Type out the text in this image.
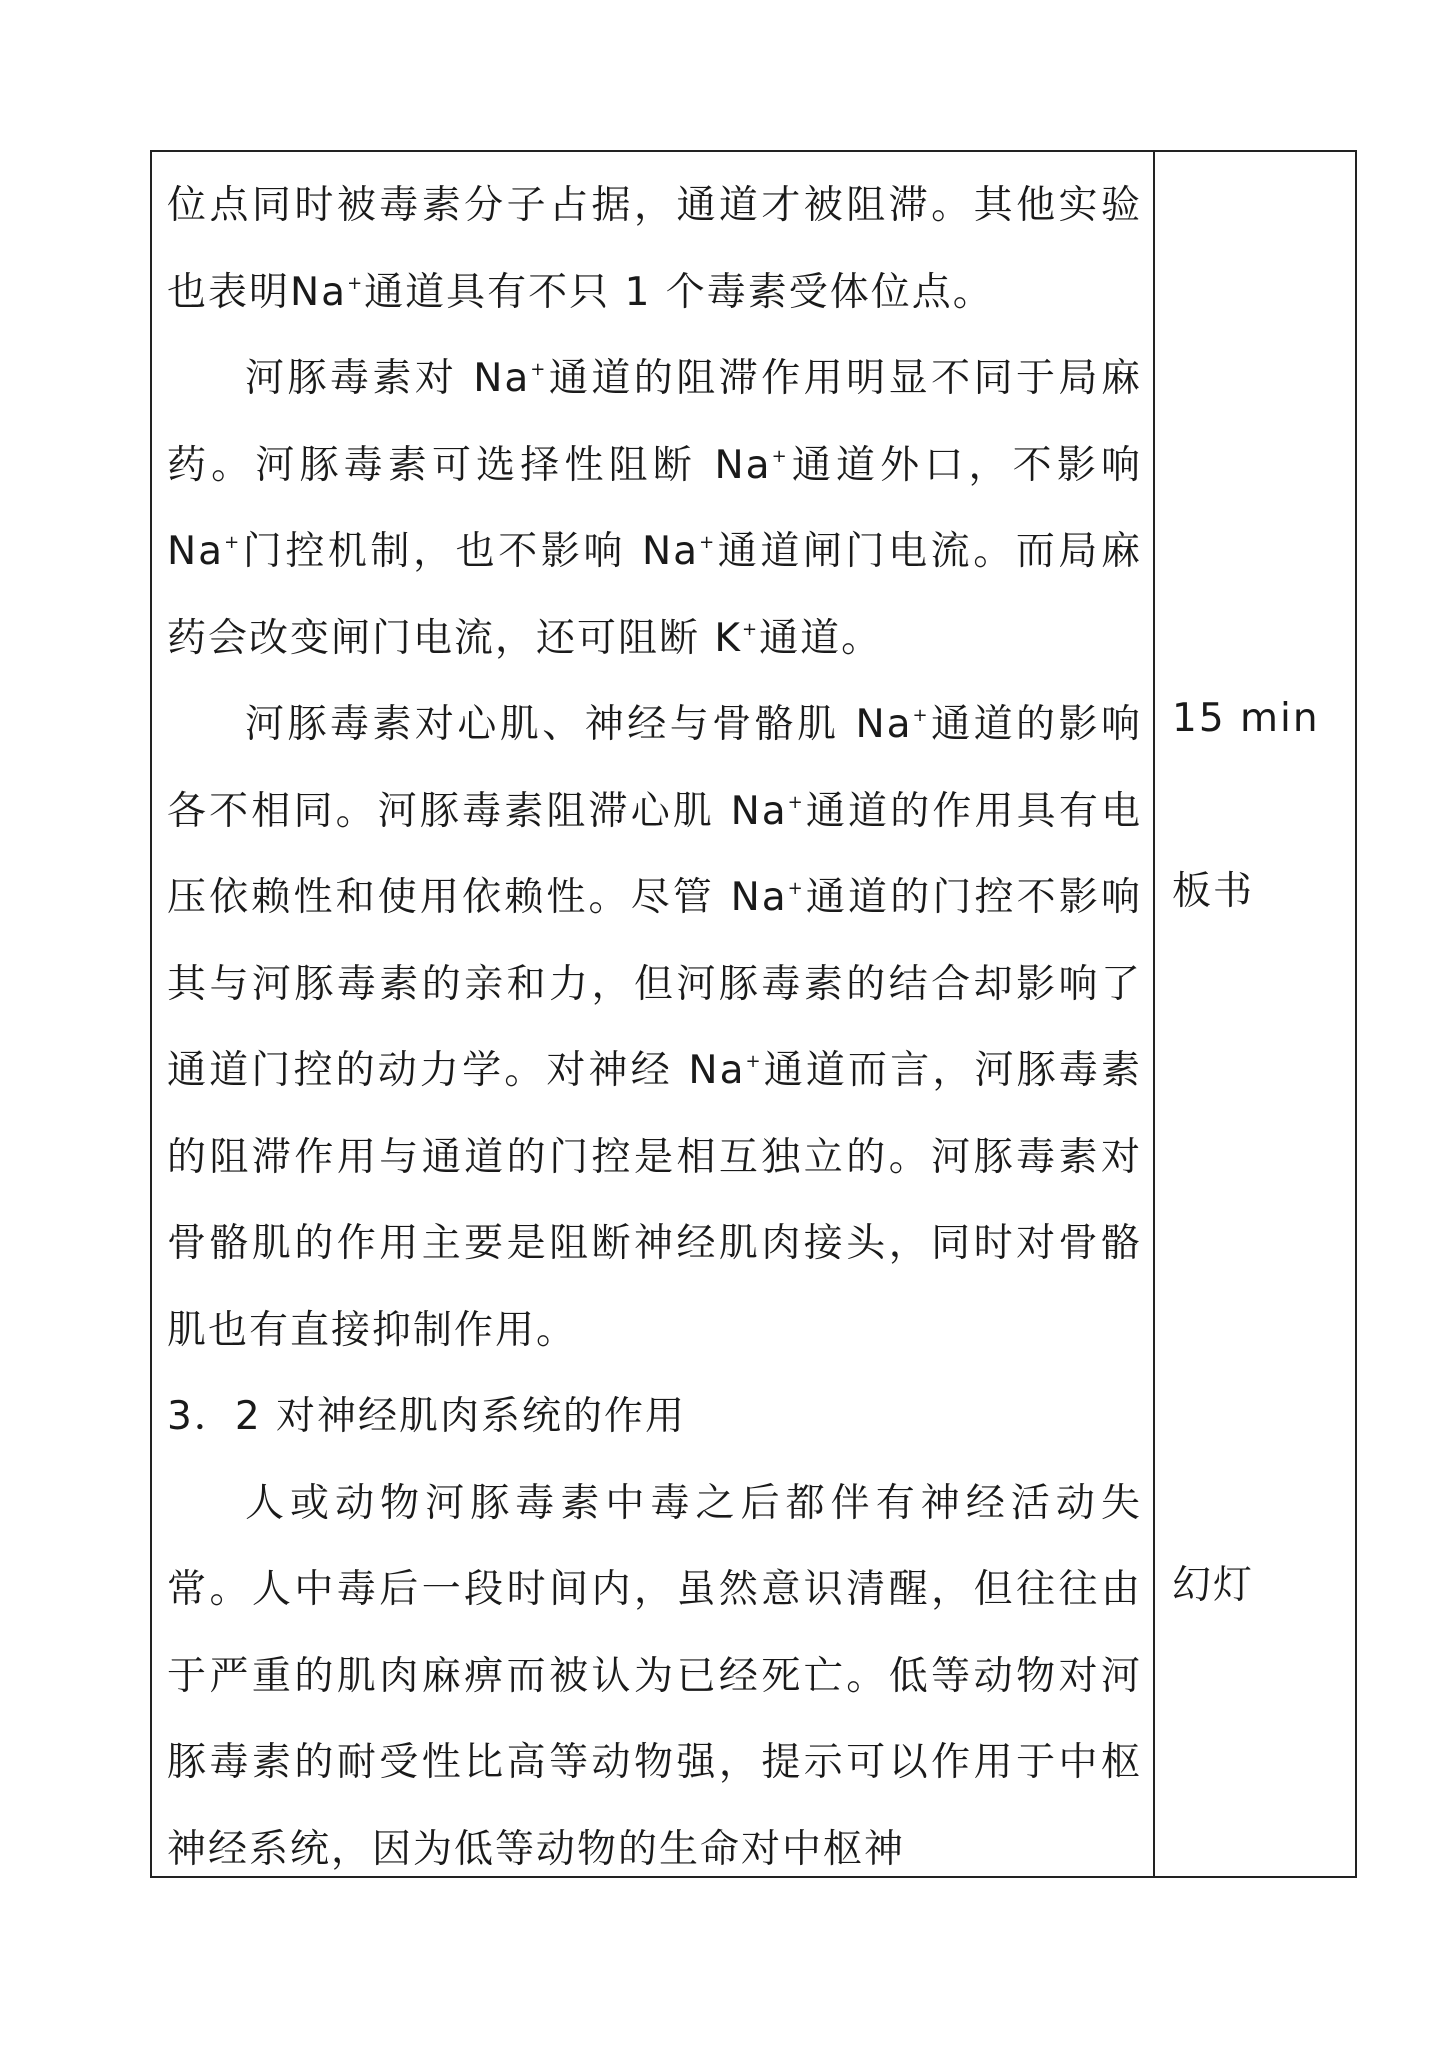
位点同时被毒素分子占据，通道才被阻滞。其他实验也表明Na+通道具有不只 1 个毒素受体位点。

河豚毒素对 Na+通道的阻滞作用明显不同于局麻药。河豚毒素可选择性阻断 Na+通道外口，不影响 Na+门控机制，也不影响 Na+通道闸门电流。而局麻药会改变闸门电流，还可阻断 K+通道。

河豚毒素对心肌、神经与骨骼肌 Na+通道的影响各不相同。河豚毒素阻滞心肌 Na+通道的作用具有电压依赖性和使用依赖性。尽管 Na+通道的门控不影响其与河豚毒素的亲和力，但河豚毒素的结合却影响了通道门控的动力学。对神经 Na+通道而言，河豚毒素的阻滞作用与通道的门控是相互独立的。河豚毒素对骨骼肌的作用主要是阻断神经肌肉接头，同时对骨骼肌也有直接抑制作用。

3．2 对神经肌肉系统的作用

人或动物河豚毒素中毒之后都伴有神经活动失常。人中毒后一段时间内，虽然意识清醒，但往往由于严重的肌肉麻痹而被认为已经死亡。低等动物对河豚毒素的耐受性比高等动物强，提示可以作用于中枢神经系统，因为低等动物的生命对中枢神

15 min
板书
幻灯
